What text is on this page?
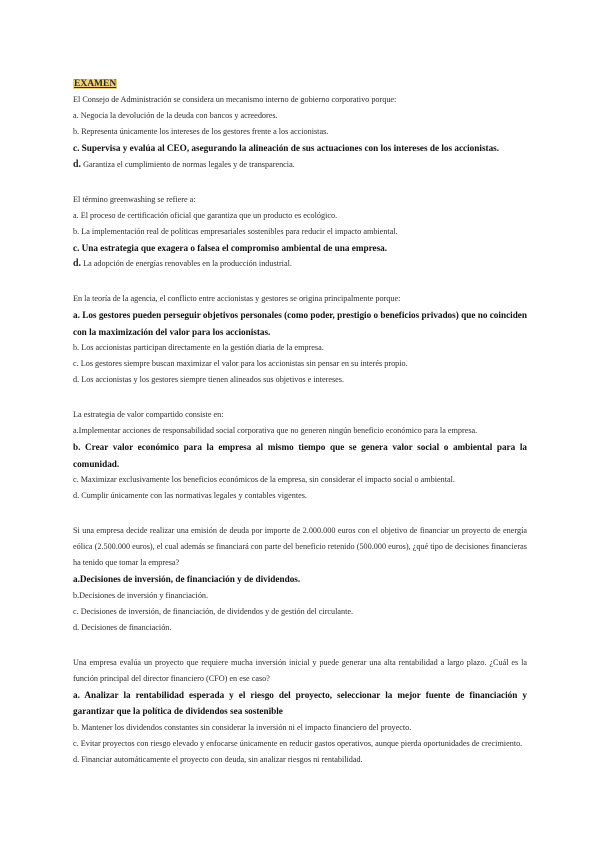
EXAMEN

El Consejo de Administración se considera un mecanismo interno de gobierno corporativo porque:

a. Negocia la devolución de la deuda con bancos y acreedores.

b. Representa únicamente los intereses de los gestores frente a los accionistas.

c. Supervisa y evalúa al CEO, asegurando la alineación de sus actuaciones con los intereses de los accionistas.

d. Garantiza el cumplimiento de normas legales y de transparencia.

El término greenwashing se refiere a:

a. El proceso de certificación oficial que garantiza que un producto es ecológico.

b. La implementación real de políticas empresariales sostenibles para reducir el impacto ambiental.

c. Una estrategia que exagera o falsea el compromiso ambiental de una empresa.

d. La adopción de energías renovables en la producción industrial.

En la teoría de la agencia, el conflicto entre accionistas y gestores se origina principalmente porque:

a. Los gestores pueden perseguir objetivos personales (como poder, prestigio o beneficios privados) que no coinciden con la maximización del valor para los accionistas.

b. Los accionistas participan directamente en la gestión diaria de la empresa.

c. Los gestores siempre buscan maximizar el valor para los accionistas sin pensar en su interés propio.

d. Los accionistas y los gestores siempre tienen alineados sus objetivos e intereses.

La estrategia de valor compartido consiste en:

a.Implementar acciones de responsabilidad social corporativa que no generen ningún beneficio económico para la empresa.

b. Crear valor económico para la empresa al mismo tiempo que se genera valor social o ambiental para la comunidad.

c. Maximizar exclusivamente los beneficios económicos de la empresa, sin considerar el impacto social o ambiental.

d. Cumplir únicamente con las normativas legales y contables vigentes.

Si una empresa decide realizar una emisión de deuda por importe de 2.000.000 euros con el objetivo de financiar un proyecto de energía eólica (2.500.000 euros), el cual además se financiará con parte del beneficio retenido (500.000 euros), ¿qué tipo de decisiones financieras ha tenido que tomar la empresa?

a.Decisiones de inversión, de financiación y de dividendos.

b.Decisiones de inversión y financiación.

c. Decisiones de inversión, de financiación, de dividendos y de gestión del circulante.

d. Decisiones de financiación.

Una empresa evalúa un proyecto que requiere mucha inversión inicial y puede generar una alta rentabilidad a largo plazo. ¿Cuál es la función principal del director financiero (CFO) en ese caso?

a. Analizar la rentabilidad esperada y el riesgo del proyecto, seleccionar la mejor fuente de financiación y garantizar que la política de dividendos sea sostenible

b. Mantener los dividendos constantes sin considerar la inversión ni el impacto financiero del proyecto.

c. Evitar proyectos con riesgo elevado y enfocarse únicamente en reducir gastos operativos, aunque pierda oportunidades de crecimiento.

d. Financiar automáticamente el proyecto con deuda, sin analizar riesgos ni rentabilidad.
